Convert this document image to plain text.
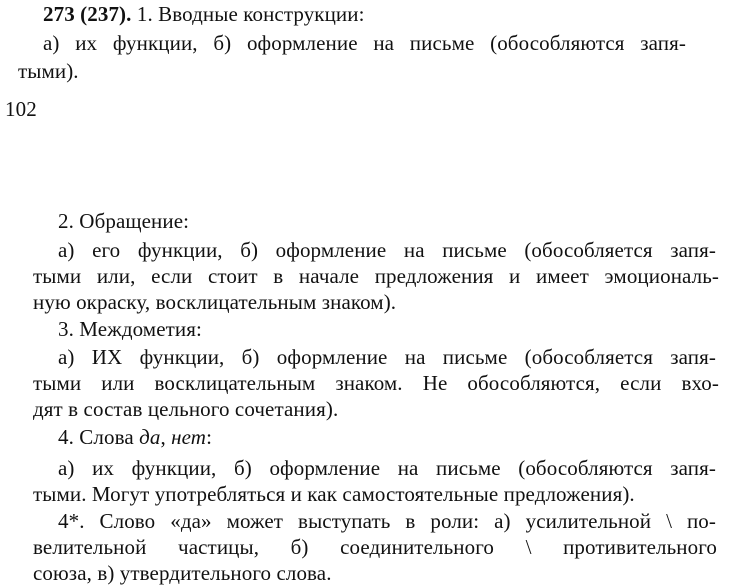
273 (237). 1. Вводные конструкции:
а) их функции, б) оформление на письме (обособляются запя-
тыми).
102
2. Обращение:
а) его функции, б) оформление на письме (обособляется запя-
тыми или, если стоит в начале предложения и имеет эмоциональ-
ную окраску, восклицательным знаком).
3. Междометия:
а) ИХ функции, б) оформление на письме (обособляется запя-
тыми или восклицательным знаком. Не обособляются, если вхо-
дят в состав цельного сочетания).
4. Слова да, нет:
а) их функции, б) оформление на письме (обособляются запя-
тыми. Могут употребляться и как самостоятельные предложения).
4*. Слово «да» может выступать в роли: а) усилительной \ по-
велительной частицы, б) соединительного \ противительного
союза, в) утвердительного слова.
